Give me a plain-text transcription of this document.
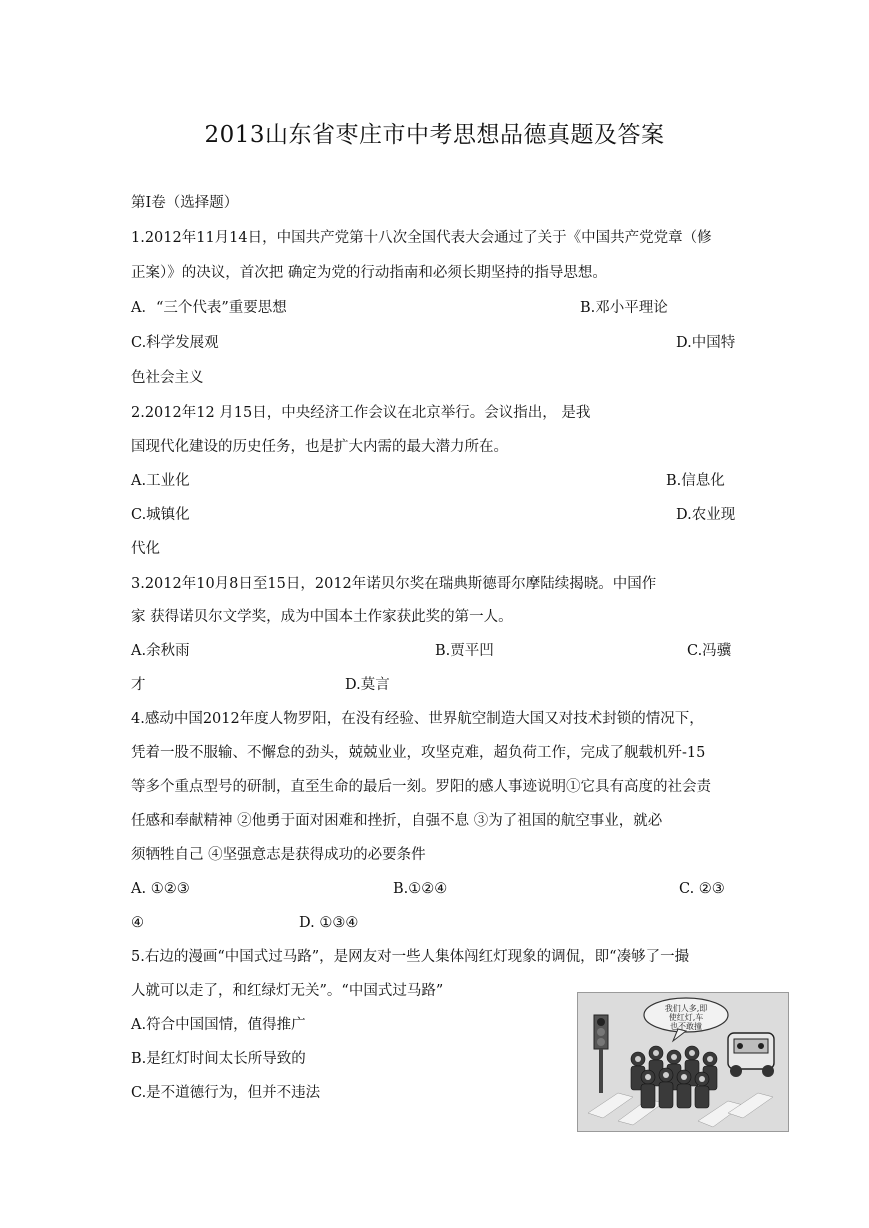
2013山东省枣庄市中考思想品德真题及答案
第Ⅰ卷（选择题）
1.2012年11月14日，中国共产党第十八次全国代表大会通过了关于《中国共产党党章（修
正案）》的决议，首次把 确定为党的行动指南和必须长期坚持的指导思想。
A．“三个代表”重要思想	B.邓小平理论
C.科学发展观	D.中国特
色社会主义
2.2012年12 月15日，中央经济工作会议在北京举行。会议指出， 是我
国现代化建设的历史任务，也是扩大内需的最大潜力所在。
A.工业化	B.信息化
C.城镇化	D.农业现
代化
3.2012年10月8日至15日，2012年诺贝尔奖在瑞典斯德哥尔摩陆续揭晓。中国作
家 获得诺贝尔文学奖，成为中国本土作家获此奖的第一人。
A.余秋雨	B.贾平凹	C.冯骥
才	D.莫言
4.感动中国2012年度人物罗阳，在没有经验、世界航空制造大国又对技术封锁的情况下，
凭着一股不服输、不懈怠的劲头，兢兢业业，攻坚克难，超负荷工作，完成了舰载机歼-15
等多个重点型号的研制，直至生命的最后一刻。罗阳的感人事迹说明①它具有高度的社会责
任感和奉献精神 ②他勇于面对困难和挫折，自强不息 ③为了祖国的航空事业，就必
须牺牲自己 ④坚强意志是获得成功的必要条件
A. ①②③	B.①②④	C. ②③
④	D. ①③④
5.右边的漫画“中国式过马路”，是网友对一些人集体闯红灯现象的调侃，即“凑够了一撮
人就可以走了，和红绿灯无关”。“中国式过马路”
A.符合中国国情，值得推广
B.是红灯时间太长所导致的
C.是不道德行为，但并不违法
我们人多,即
使红灯,车
也不敢撞
